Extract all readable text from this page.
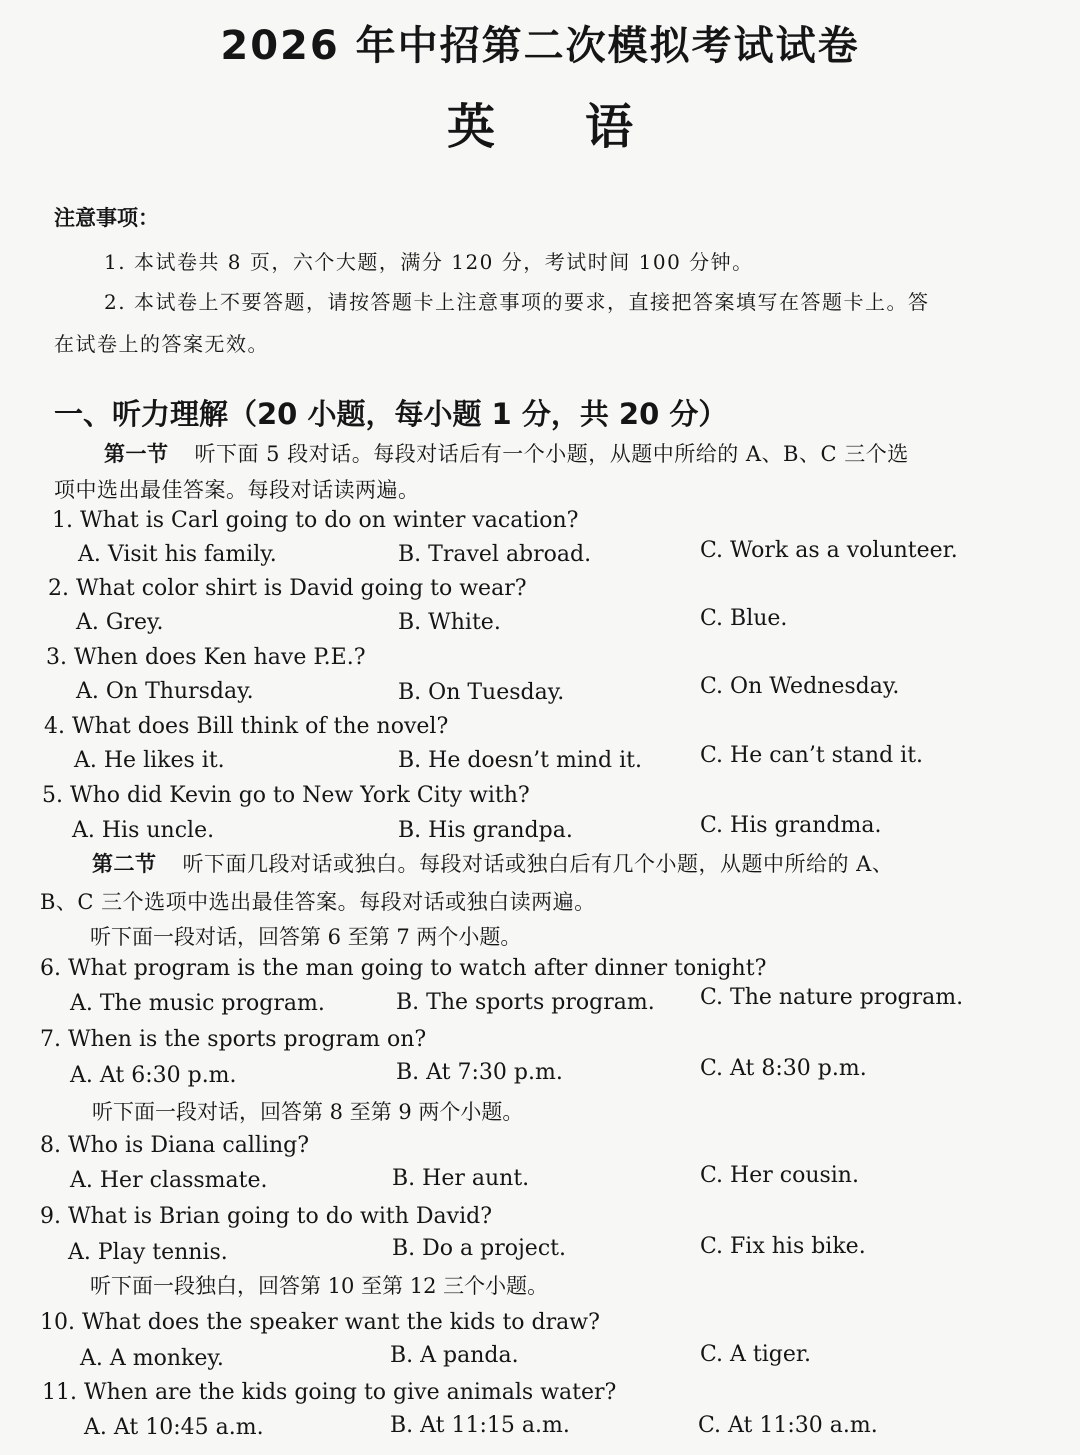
2026 年中招第二次模拟考试试卷
英语
注意事项：
1. 本试卷共 8 页，六个大题，满分 120 分，考试时间 100 分钟。
2. 本试卷上不要答题，请按答题卡上注意事项的要求，直接把答案填写在答题卡上。答
在试卷上的答案无效。
一、听力理解（20 小题，每小题 1 分，共 20 分）
第一节 听下面 5 段对话。每段对话后有一个小题，从题中所给的 A、B、C 三个选
项中选出最佳答案。每段对话读两遍。
1. What is Carl going to do on winter vacation?
A. Visit his family.	B. Travel abroad.	C. Work as a volunteer.
2. What color shirt is David going to wear?
A. Grey.	B. White.	C. Blue.
3. When does Ken have P.E.?
A. On Thursday.	B. On Tuesday.	C. On Wednesday.
4. What does Bill think of the novel?
A. He likes it.	B. He doesn’t mind it.	C. He can’t stand it.
5. Who did Kevin go to New York City with?
A. His uncle.	B. His grandpa.	C. His grandma.
第二节 听下面几段对话或独白。每段对话或独白后有几个小题，从题中所给的 A、
B、C 三个选项中选出最佳答案。每段对话或独白读两遍。
听下面一段对话，回答第 6 至第 7 两个小题。
6. What program is the man going to watch after dinner tonight?
A. The music program.	B. The sports program. C. The nature program.
7. When is the sports program on?
A. At 6:30 p.m.	B. At 7:30 p.m.	C. At 8:30 p.m.
听下面一段对话，回答第 8 至第 9 两个小题。
8. Who is Diana calling?
A. Her classmate.	B. Her aunt.	C. Her cousin.
9. What is Brian going to do with David?
A. Play tennis.	B. Do a project.	C. Fix his bike.
听下面一段独白，回答第 10 至第 12 三个小题。
10. What does the speaker want the kids to draw?
A. A monkey.	B. A panda.	C. A tiger.
11. When are the kids going to give animals water?
A. At 10:45 a.m.	B. At 11:15 a.m.	C. At 11:30 a.m.
